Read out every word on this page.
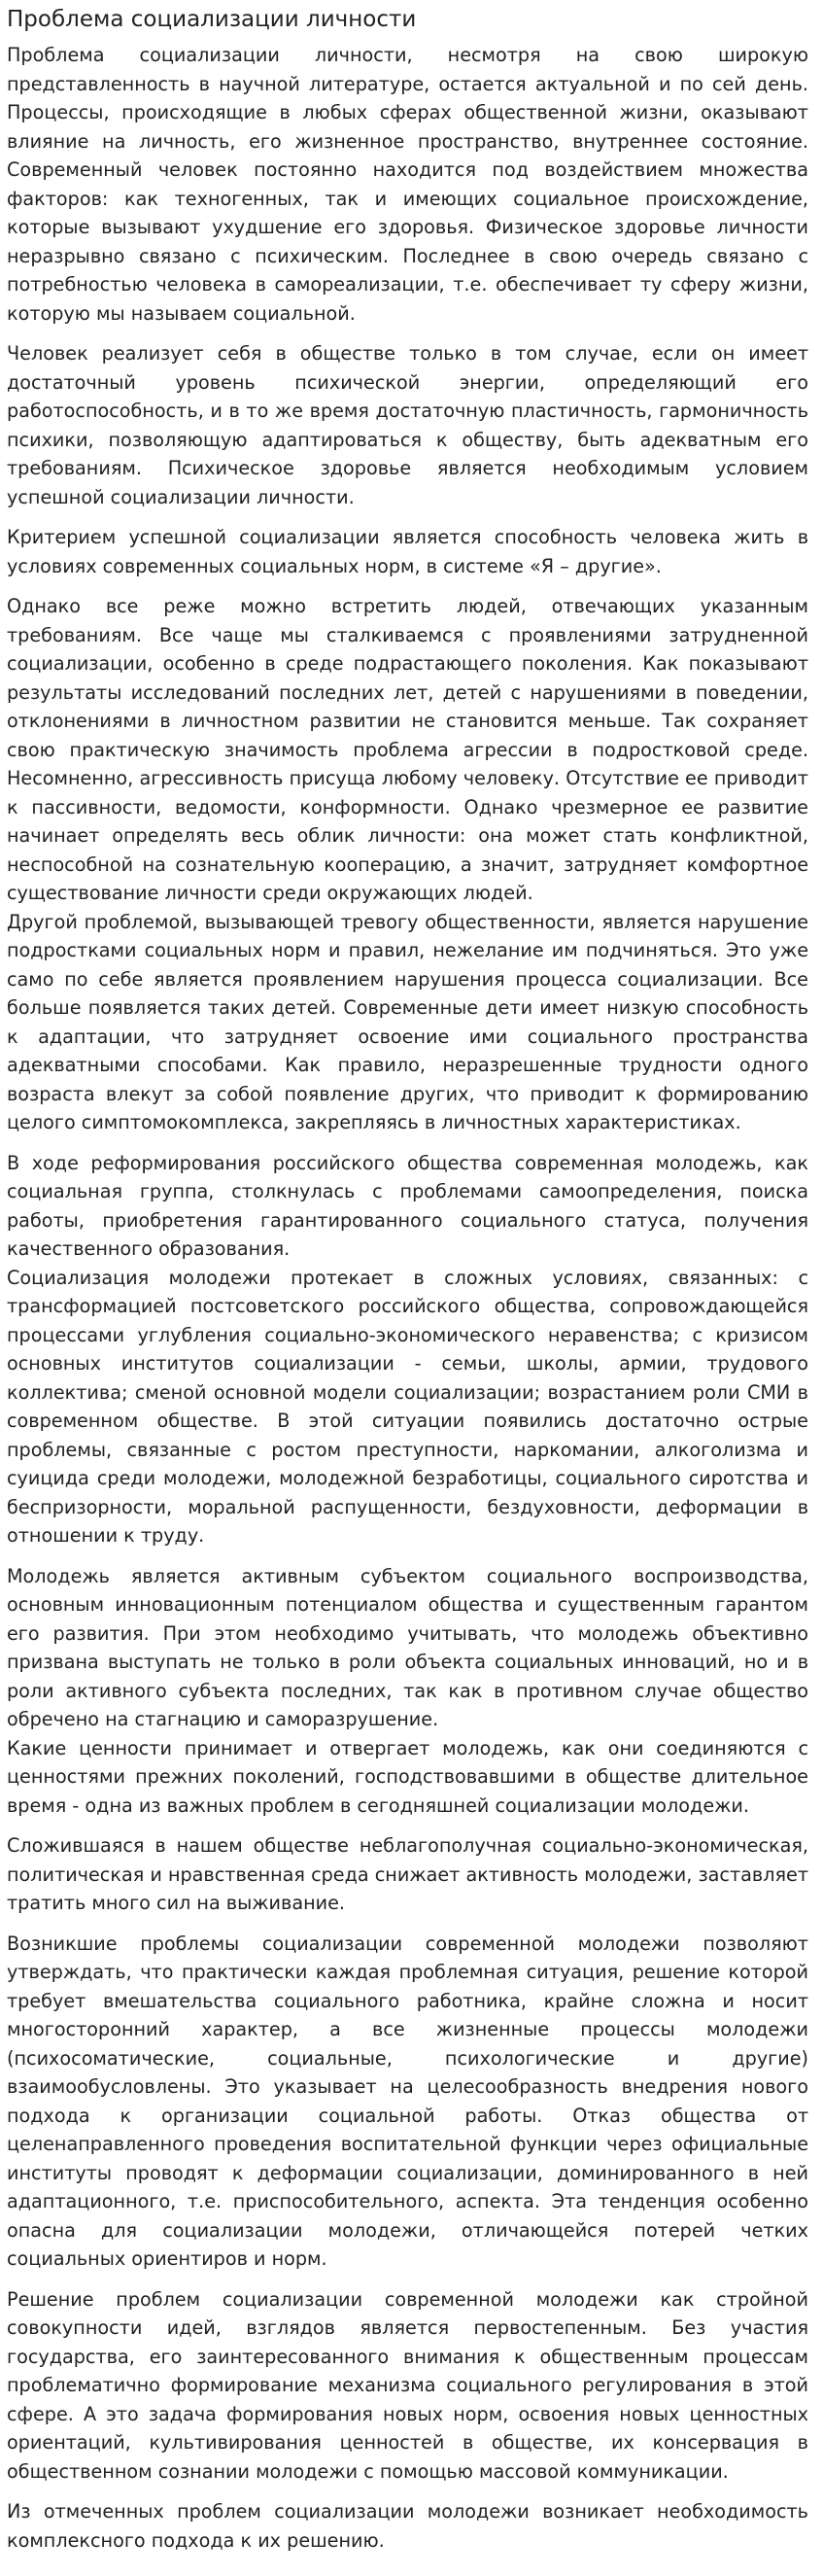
Проблема социализации личности

Проблема социализации личности, несмотря на свою широкую представленность в научной литературе, остается актуальной и по сей день. Процессы, происходящие в любых сферах общественной жизни, оказывают влияние на личность, его жизненное пространство, внутреннее состояние. Современный человек постоянно находится под воздействием множества факторов: как техногенных, так и имеющих социальное происхождение, которые вызывают ухудшение его здоровья. Физическое здоровье личности неразрывно связано с психическим. Последнее в свою очередь связано с потребностью человека в самореализации, т.е. обеспечивает ту сферу жизни, которую мы называем социальной.

Человек реализует себя в обществе только в том случае, если он имеет достаточный уровень психической энергии, определяющий его работоспособность, и в то же время достаточную пластичность, гармоничность психики, позволяющую адаптироваться к обществу, быть адекватным его требованиям. Психическое здоровье является необходимым условием успешной социализации личности.

Критерием успешной социализации является способность человека жить в условиях современных социальных норм, в системе «Я – другие».

Однако все реже можно встретить людей, отвечающих указанным требованиям. Все чаще мы сталкиваемся с проявлениями затрудненной социализации, особенно в среде подрастающего поколения. Как показывают результаты исследований последних лет, детей с нарушениями в поведении, отклонениями в личностном развитии не становится меньше. Так сохраняет свою практическую значимость проблема агрессии в подростковой среде. Несомненно, агрессивность присуща любому человеку. Отсутствие ее приводит к пассивности, ведомости, конформности. Однако чрезмерное ее развитие начинает определять весь облик личности: она может стать конфликтной, неспособной на сознательную кооперацию, а значит, затрудняет комфортное существование личности среди окружающих людей.

Другой проблемой, вызывающей тревогу общественности, является нарушение подростками социальных норм и правил, нежелание им подчиняться. Это уже само по себе является проявлением нарушения процесса социализации. Все больше появляется таких детей. Современные дети имеет низкую способность к адаптации, что затрудняет освоение ими социального пространства адекватными способами. Как правило, неразрешенные трудности одного возраста влекут за собой появление других, что приводит к формированию целого симптомокомплекса, закрепляясь в личностных характеристиках.

В ходе реформирования российского общества современная молодежь, как социальная группа, столкнулась с проблемами самоопределения, поиска работы, приобретения гарантированного социального статуса, получения качественного образования.

Социализация молодежи протекает в сложных условиях, связанных: с трансформацией постсоветского российского общества, сопровождающейся процессами углубления социально-экономического неравенства; с кризисом основных институтов социализации - семьи, школы, армии, трудового коллектива; сменой основной модели социализации; возрастанием роли СМИ в современном обществе. В этой ситуации появились достаточно острые проблемы, связанные с ростом преступности, наркомании, алкоголизма и суицида среди молодежи, молодежной безработицы, социального сиротства и беспризорности, моральной распущенности, бездуховности, деформации в отношении к труду.

Молодежь является активным субъектом социального воспроизводства, основным инновационным потенциалом общества и существенным гарантом его развития. При этом необходимо учитывать, что молодежь объективно призвана выступать не только в роли объекта социальных инноваций, но и в роли активного субъекта последних, так как в противном случае общество обречено на стагнацию и саморазрушение.

Какие ценности принимает и отвергает молодежь, как они соединяются с ценностями прежних поколений, господствовавшими в обществе длительное время - одна из важных проблем в сегодняшней социализации молодежи.

Сложившаяся в нашем обществе неблагополучная социально-экономическая, политическая и нравственная среда снижает активность молодежи, заставляет тратить много сил на выживание.

Возникшие проблемы социализации современной молодежи позволяют утверждать, что практически каждая проблемная ситуация, решение которой требует вмешательства социального работника, крайне сложна и носит многосторонний характер, а все жизненные процессы молодежи (психосоматические, социальные, психологические и другие) взаимообусловлены. Это указывает на целесообразность внедрения нового подхода к организации социальной работы. Отказ общества от целенаправленного проведения воспитательной функции через официальные институты проводят к деформации социализации, доминированного в ней адаптационного, т.е. приспособительного, аспекта. Эта тенденция особенно опасна для социализации молодежи, отличающейся потерей четких социальных ориентиров и норм.

Решение проблем социализации современной молодежи как стройной совокупности идей, взглядов является первостепенным. Без участия государства, его заинтересованного внимания к общественным процессам проблематично формирование механизма социального регулирования в этой сфере. А это задача формирования новых норм, освоения новых ценностных ориентаций, культивирования ценностей в обществе, их консервация в общественном сознании молодежи с помощью массовой коммуникации.

Из отмеченных проблем социализации молодежи возникает необходимость комплексного подхода к их решению.
